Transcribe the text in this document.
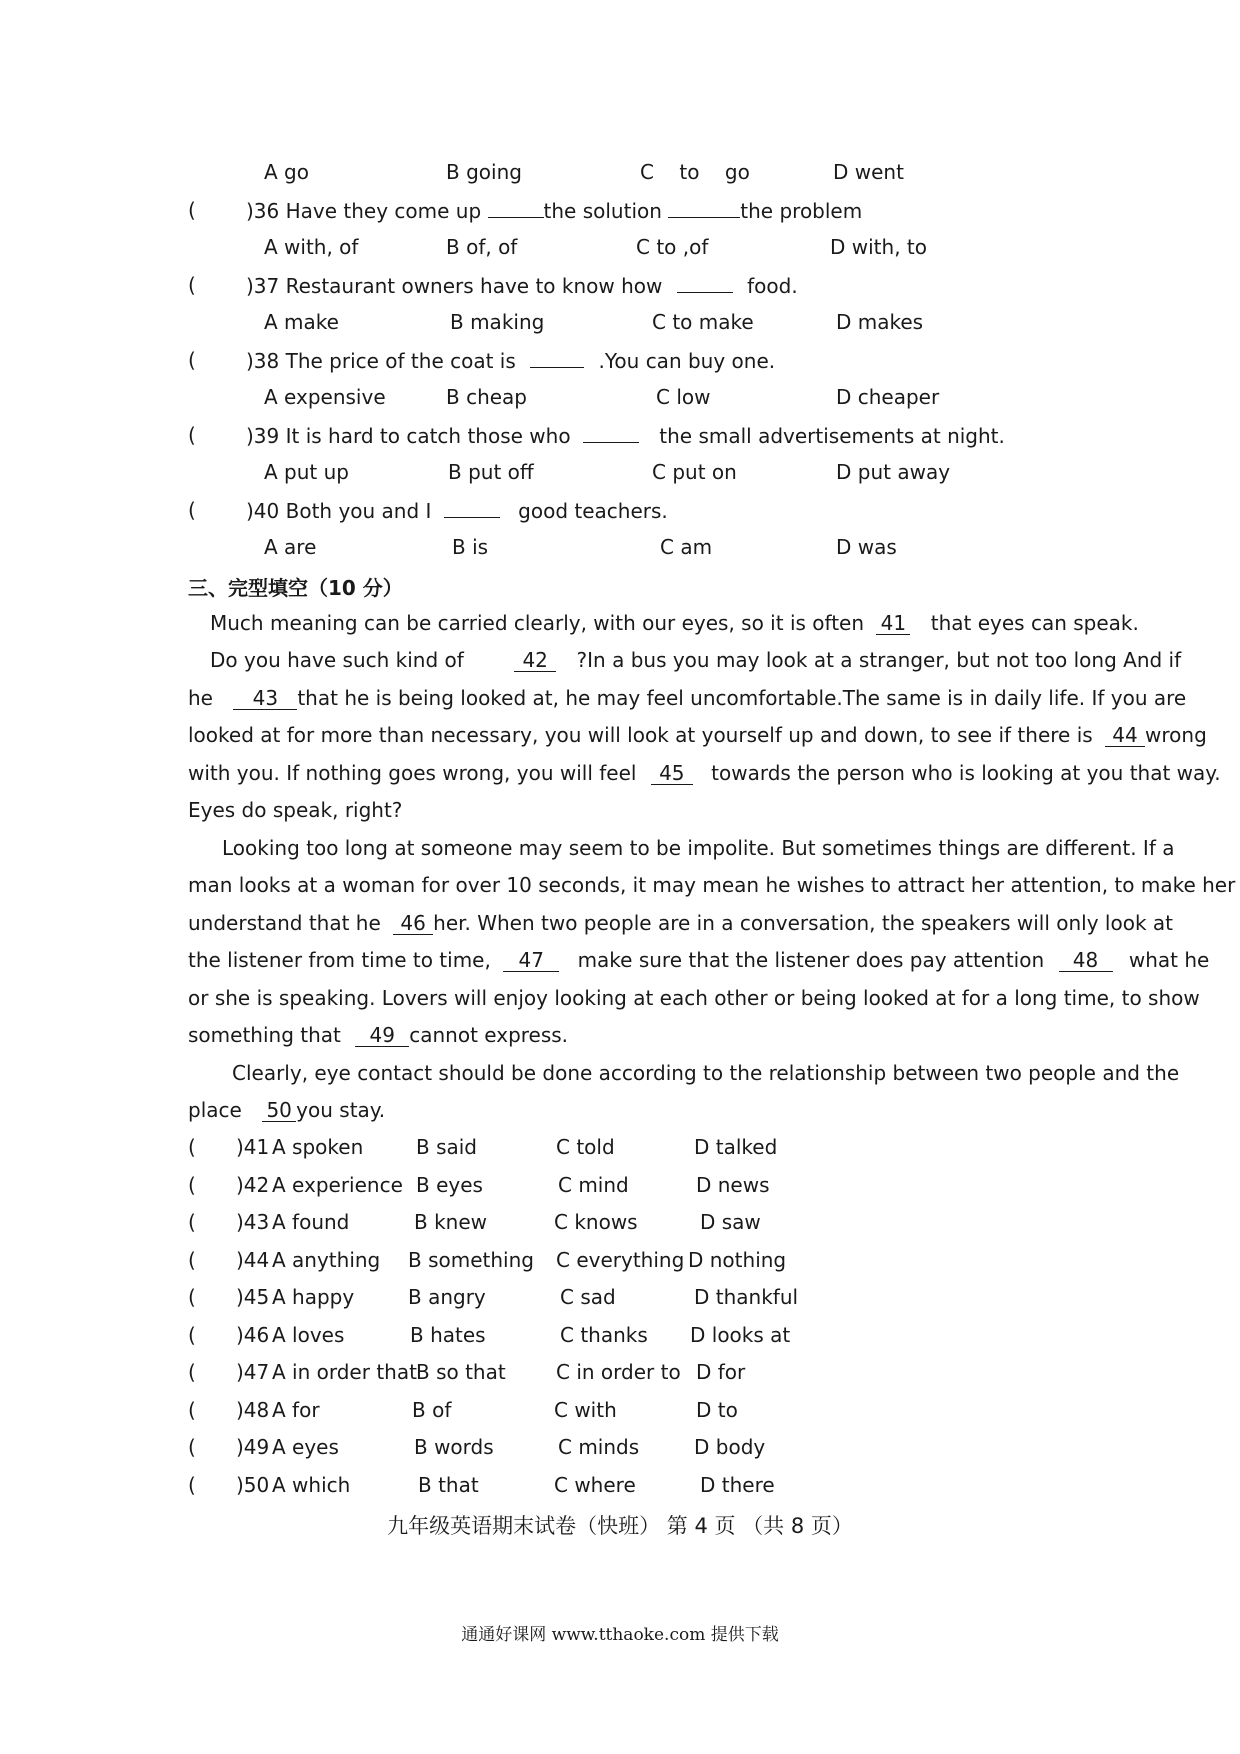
A go	B going	C    to    go	D went
(	)36 Have they come up	the solution	the problem
A with, of	B of, of	C to ,of	D with, to
(	)37 Restaurant owners have to know how	food.
A make	B making	C to make	D makes
(	)38 The price of the coat is	.You can buy one.
A expensive	B cheap	C low	D cheaper
(	)39 It is hard to catch those who	the small advertisements at night.
A put up	B put off	C put on	D put away
(	)40 Both you and I	good teachers.
A are	B is	C am	D was
三、完型填空（10 分）
Much meaning can be carried clearly, with our eyes, so it is often 41 that eyes can speak.
Do you have such kind of	42 ?In a bus you may look at a stranger, but not too long And if
he 43 that he is being looked at, he may feel uncomfortable.The same is in daily life. If you are
looked at for more than necessary, you will look at yourself up and down, to see if there is 44 wrong
with you. If nothing goes wrong, you will feel 45 towards the person who is looking at you that way.
Eyes do speak, right?
Looking too long at someone may seem to be impolite. But sometimes things are different. If a
man looks at a woman for over 10 seconds, it may mean he wishes to attract her attention, to make her
understand that he 46 her. When two people are in a conversation, the speakers will only look at
the listener from time to time, 47 make sure that the listener does pay attention 48 what he
or she is speaking. Lovers will enjoy looking at each other or being looked at for a long time, to show
something that 49 cannot express.
Clearly, eye contact should be done according to the relationship between two people and the
place 50 you stay.
( )41 A spoken	B said	C told	D talked
( )42 A experience B eyes	C mind	D news
( )43 A found	B knew	C knows	D saw
( )44 A anything B something C everything D nothing
( )45 A happy	B angry	C sad	D thankful
( )46 A loves	B hates	C thanks D looks at
( )47 A in order that B so that	C in order to D for
( )48 A for	B of	C with	D to
( )49 A eyes	B words	C minds	D body
( )50 A which	B that	C where	D there
九年级英语期末试卷（快班） 第 4 页 （共 8 页）
通通好课网 www.tthaoke.com 提供下载
